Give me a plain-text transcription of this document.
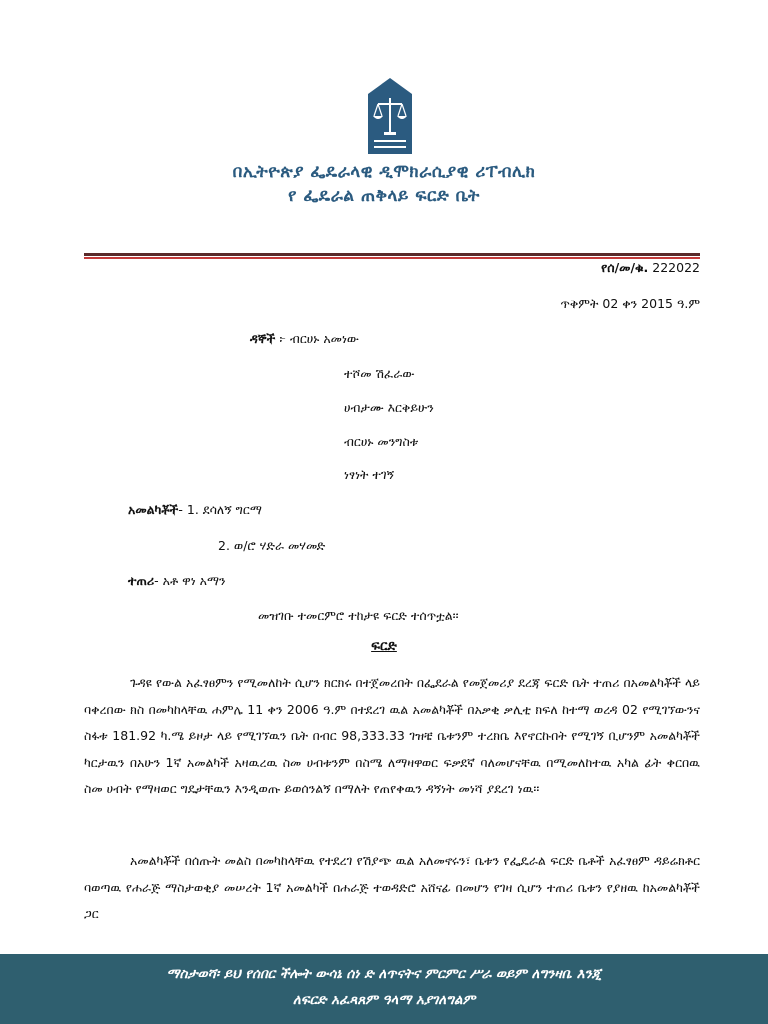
በኢትዮጵያ ፌዴራላዊ ዲሞክራሲያዊ ሪፐብሊክ
የ ፌዴራል ጠቅላይ ፍርድ ቤት
የሰ/መ/ቁ. 222022
ጥቅምት 02 ቀን 2015 ዓ.ም
ዳኞች ፦ ብርሀኑ አመነው
ተሾመ ሽፈራው
ሀብታሙ እርቅይሁን
ብርሀኑ መንግስቱ
ነፃነት ተገኝ
አመልካቾች- 1. ደሳለኝ ግርማ
2. ወ/ሮ ሃድራ መሃመድ
ተጠሪ- አቶ ዋነ አማን
መዝገቡ ተመርምሮ ተከታዩ ፍርድ ተሰጥቷል፡፡
ፍርድ

ጉዳዩ የውል አፈፃፀምን የሚመለከት ሲሆን ክርክሩ በተጀመረበት በፌደራል የመጀመሪያ ደረጃ ፍርድ ቤት ተጠሪ በአመልካቾች ላይ ባቀረበው ክስ በመካከላቸዉ ሐምሌ 11 ቀን 2006 ዓ.ም በተደረገ ዉል አመልካቾች በአቃቂ ቃሊቲ ክፍለ ከተማ ወረዳ 02 የሚገኘውንና ስፋቱ 181.92 ካ.ሜ ይዞታ ላይ የሚገኘዉን ቤት በብር 98,333.33 ገዝቼ ቤቱንም ተረክቤ እየኖርኩበት የሚገኝ ቢሆንም አመልካቾች ካርታዉን በአሁን 1ኛ አመልካች አዛዉረዉ ስመ ሀብቱንም በስሜ ለማዛዋወር ፍቃደኛ ባለመሆናቸዉ በሚመለከተዉ አካል ፊት ቀርበዉ ስመ ሀብት የማዛወር ግዴታቸዉን እንዲወጡ ይወሰንልኝ በማለት የጠየቀዉን ዳኝነት መነሻ ያደረገ ነዉ፡፡

አመልካቾች በሰጡት መልስ በመካከላቸዉ የተደረገ የሽያጭ ዉል አለመኖሩን፣ ቤቱን የፌዴራል ፍርድ ቤቶች አፈፃፀም ዳይሬክቶር ባወጣዉ የሐራጅ ማስታወቂያ መሠረት 1ኛ አመልካች በሐራጅ ተወዳድሮ አሸናፊ በመሆን የገዛ ሲሆን ተጠሪ ቤቱን የያዘዉ ከአመልካቾች ጋር

ማስታወሻ፡ ይህ የሰበር ችሎት ውሳኔ ሰነ ድ ለጥናትና ምርምር ሥራ ወይም ለግንዛቤ እንጂ
ለፍርድ አፈጻጸም ዓላማ አያገለግልም
